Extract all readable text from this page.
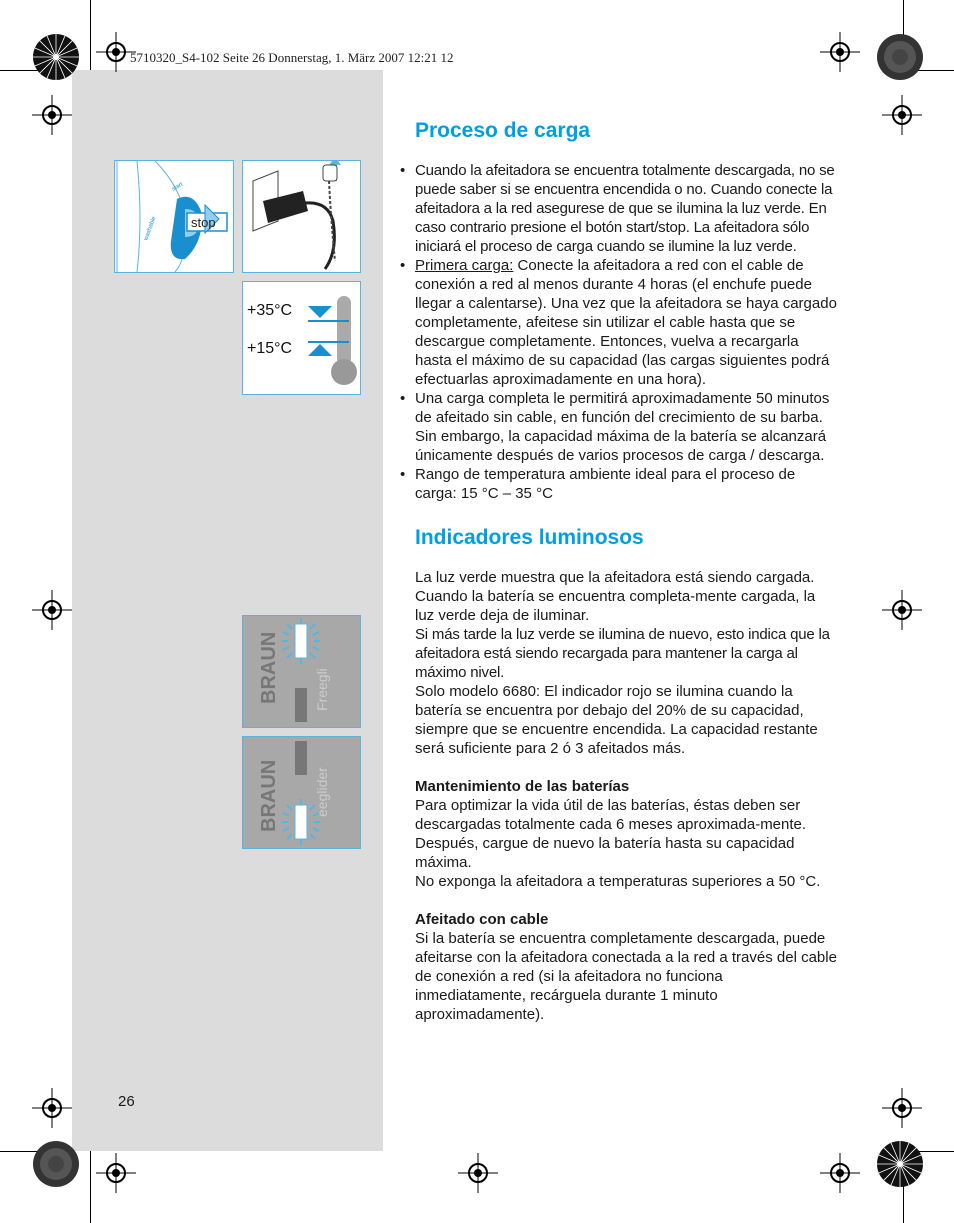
5710320_S4-102 Seite 26 Donnerstag, 1. März 2007 12:21 12
washable
start
stop
+35°C
+15°C
BRAUN Freegli
BRAUN eeglider
Proceso de carga
• Cuando la afeitadora se encuentra totalmente descargada, no se puede saber si se encuentra encendida o no. Cuando conecte la afeitadora a la red asegurese de que se ilumina la luz verde. En caso contrario presione el botón start/stop. La afeitadora sólo iniciará el proceso de carga cuando se ilumine la luz verde.
• Primera carga: Conecte la afeitadora a red con el cable de conexión a red al menos durante 4 horas (el enchufe puede llegar a calentarse). Una vez que la afeitadora se haya cargado completamente, afeitese sin utilizar el cable hasta que se descargue completamente. Entonces, vuelva a recargarla hasta el máximo de su capacidad (las cargas siguientes podrá efectuarlas aproximadamente en una hora).
• Una carga completa le permitirá aproximadamente 50 minutos de afeitado sin cable, en función del crecimiento de su barba. Sin embargo, la capacidad máxima de la batería se alcanzará únicamente después de varios procesos de carga / descarga.
• Rango de temperatura ambiente ideal para el proceso de carga: 15 °C – 35 °C
Indicadores luminosos

La luz verde muestra que la afeitadora está siendo cargada. Cuando la batería se encuentra completa-mente cargada, la luz verde deja de iluminar.

Si más tarde la luz verde se ilumina de nuevo, esto indica que la afeitadora está siendo recargada para mantener la carga al máximo nivel.

Solo modelo 6680: El indicador rojo se ilumina cuando la batería se encuentra por debajo del 20% de su capacidad, siempre que se encuentre encendida. La capacidad restante será suficiente para 2 ó 3 afeitados más.

Mantenimiento de las baterías

Para optimizar la vida útil de las baterías, éstas deben ser descargadas totalmente cada 6 meses aproximada-mente. Después, cargue de nuevo la batería hasta su capacidad máxima.

No exponga la afeitadora a temperaturas superiores a 50 °C.

Afeitado con cable

Si la batería se encuentra completamente descargada, puede afeitarse con la afeitadora conectada a la red a través del cable de conexión a red (si la afeitadora no funciona inmediatamente, recárguela durante 1 minuto aproximadamente).

26
